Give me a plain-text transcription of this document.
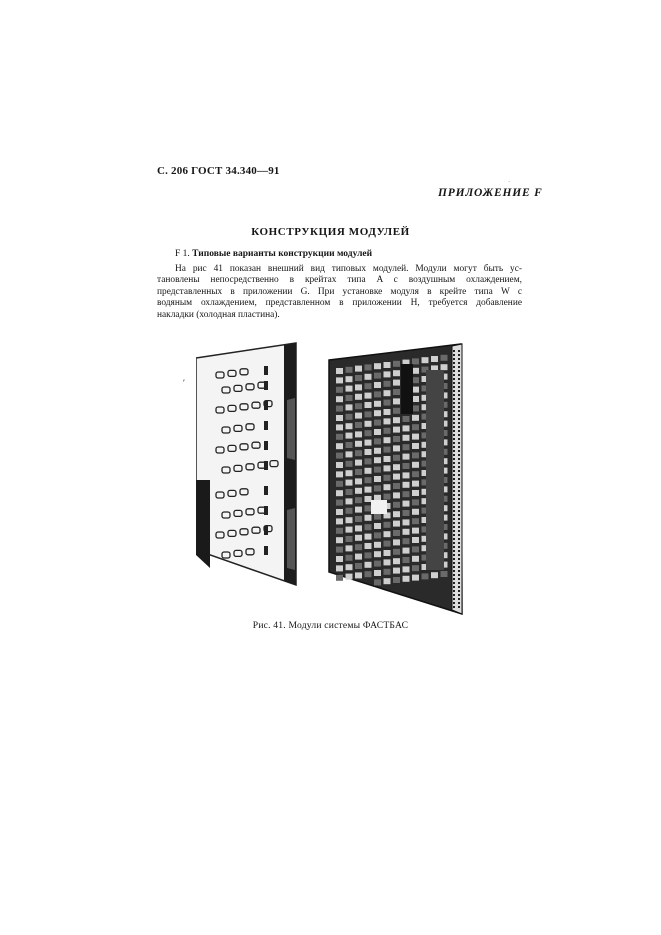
С. 206 ГОСТ 34.340—91
´
ПРИЛОЖЕНИЕ F
КОНСТРУКЦИЯ МОДУЛЕЙ
F 1. Типовые варианты конструкции модулей
На рис 41 показан внешний вид типовых модулей. Модули могут быть ус-
тановлены непосредственно в крейтах типа A с воздушным охлаждением,
представленных в приложении G. При установке модуля в крейте типа W с
водяным охлаждением, представленном в приложении H, требуется добавление
накладки (холодная пластина).
′
Рис. 41. Модули системы ФАСТБАС
